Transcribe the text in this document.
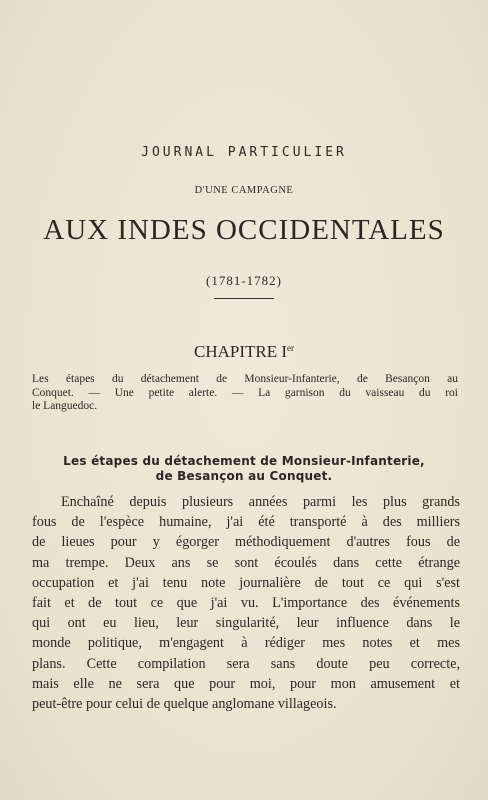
JOURNAL PARTICULIER
D'UNE CAMPAGNE
AUX INDES OCCIDENTALES
(1781-1782)
CHAPITRE Ier
Les étapes du détachement de Monsieur-Infanterie, de Besançon au
Conquet. — Une petite alerte. — La garnison du vaisseau du roi
le Languedoc.
Les étapes du détachement de Monsieur-Infanterie,
de Besançon au Conquet.
Enchaîné depuis plusieurs années parmi les plus grands
fous de l'espèce humaine, j'ai été transporté à des milliers
de lieues pour y égorger méthodiquement d'autres fous de
ma trempe. Deux ans se sont écoulés dans cette étrange
occupation et j'ai tenu note journalière de tout ce qui s'est
fait et de tout ce que j'ai vu. L'importance des événements
qui ont eu lieu, leur singularité, leur influence dans le
monde politique, m'engagent à rédiger mes notes et mes
plans. Cette compilation sera sans doute peu correcte,
mais elle ne sera que pour moi, pour mon amusement et
peut-être pour celui de quelque anglomane villageois.
